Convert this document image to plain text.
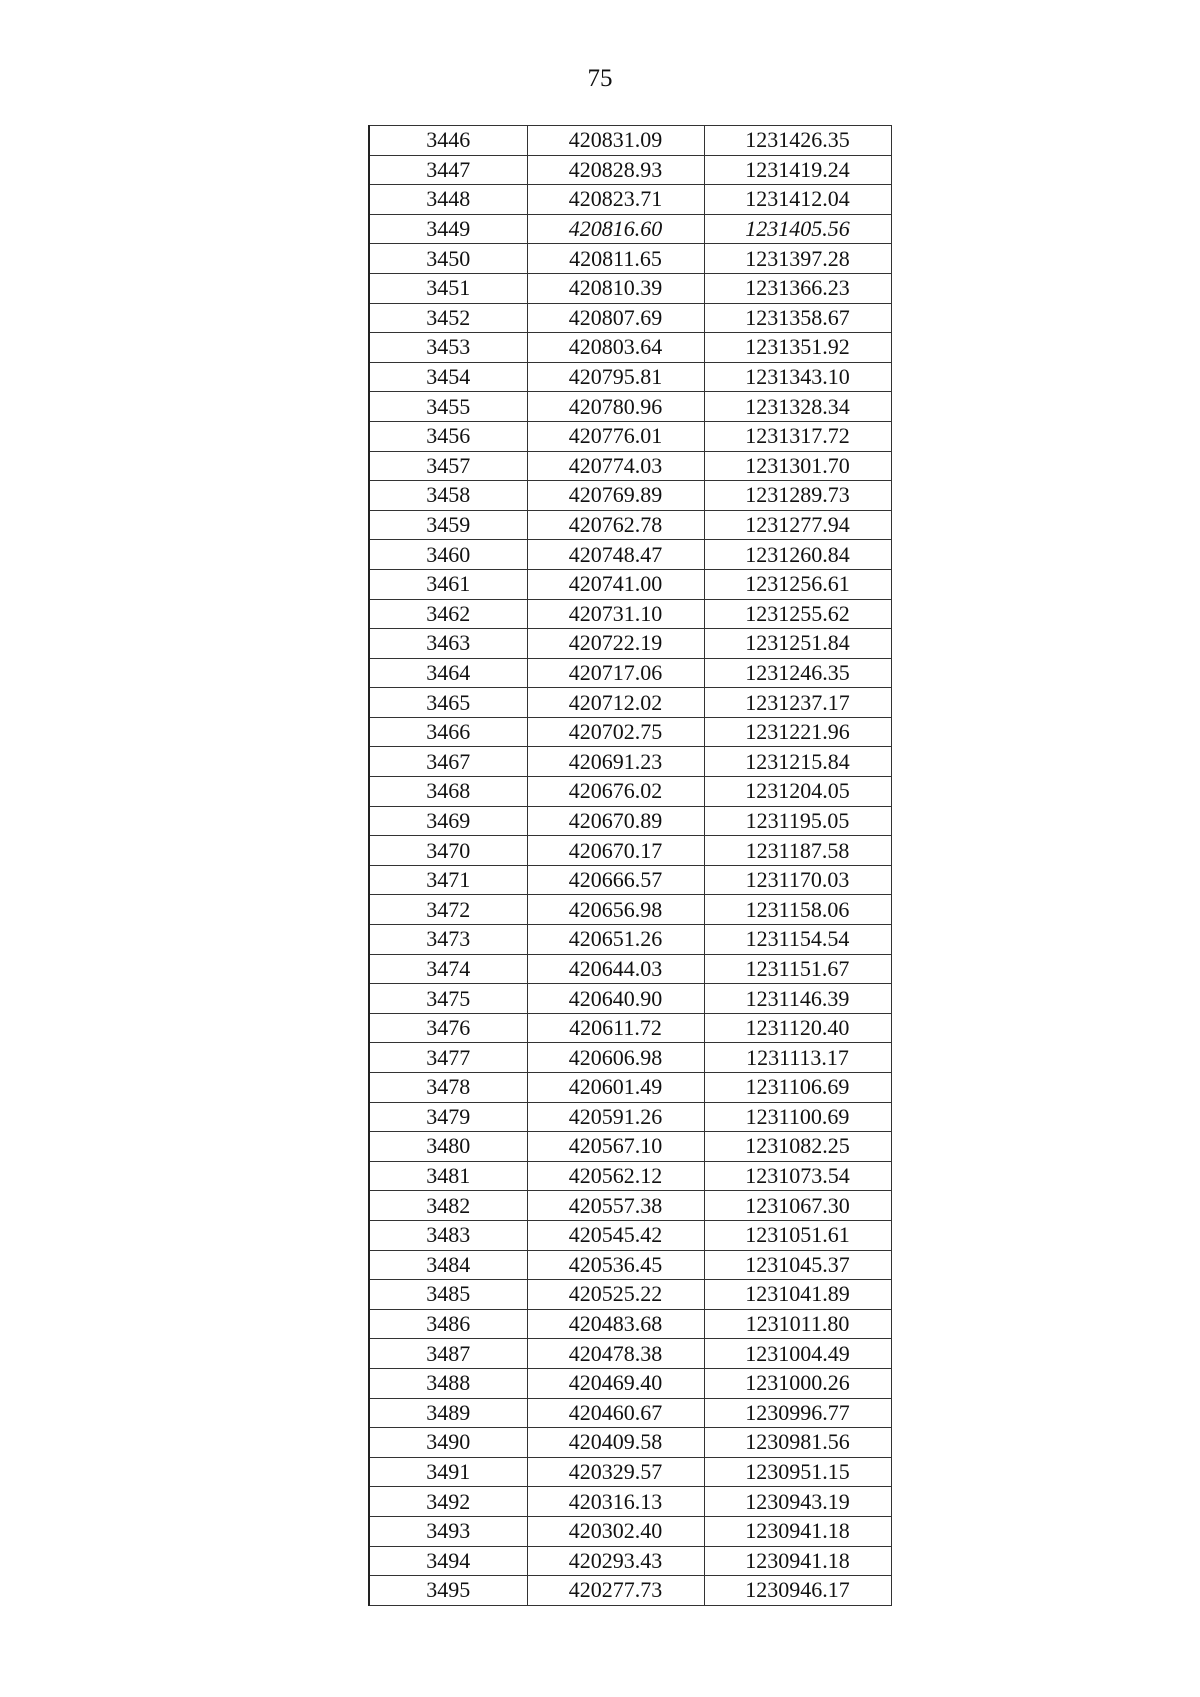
75
3446	420831.09	1231426.35
3447	420828.93	1231419.24
3448	420823.71	1231412.04
3449	420816.60	1231405.56
3450	420811.65	1231397.28
3451	420810.39	1231366.23
3452	420807.69	1231358.67
3453	420803.64	1231351.92
3454	420795.81	1231343.10
3455	420780.96	1231328.34
3456	420776.01	1231317.72
3457	420774.03	1231301.70
3458	420769.89	1231289.73
3459	420762.78	1231277.94
3460	420748.47	1231260.84
3461	420741.00	1231256.61
3462	420731.10	1231255.62
3463	420722.19	1231251.84
3464	420717.06	1231246.35
3465	420712.02	1231237.17
3466	420702.75	1231221.96
3467	420691.23	1231215.84
3468	420676.02	1231204.05
3469	420670.89	1231195.05
3470	420670.17	1231187.58
3471	420666.57	1231170.03
3472	420656.98	1231158.06
3473	420651.26	1231154.54
3474	420644.03	1231151.67
3475	420640.90	1231146.39
3476	420611.72	1231120.40
3477	420606.98	1231113.17
3478	420601.49	1231106.69
3479	420591.26	1231100.69
3480	420567.10	1231082.25
3481	420562.12	1231073.54
3482	420557.38	1231067.30
3483	420545.42	1231051.61
3484	420536.45	1231045.37
3485	420525.22	1231041.89
3486	420483.68	1231011.80
3487	420478.38	1231004.49
3488	420469.40	1231000.26
3489	420460.67	1230996.77
3490	420409.58	1230981.56
3491	420329.57	1230951.15
3492	420316.13	1230943.19
3493	420302.40	1230941.18
3494	420293.43	1230941.18
3495	420277.73	1230946.17
